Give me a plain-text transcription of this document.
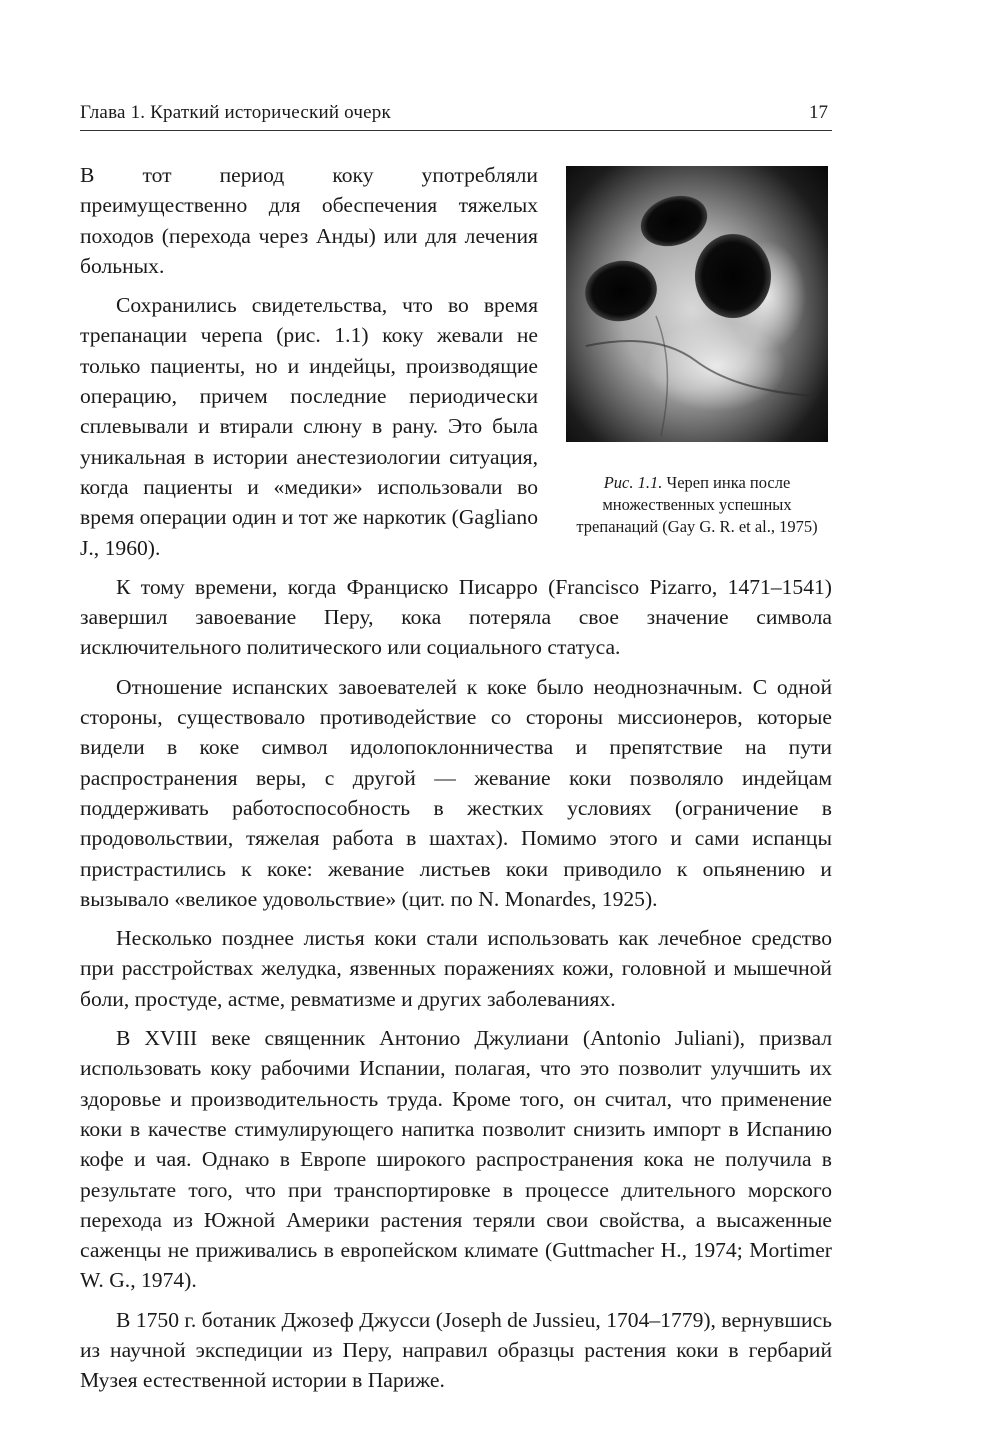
Глава 1. Краткий исторический очерк	17
Рис. 1.1. Череп инка после множественных успешных трепанаций (Gay G. R. et al., 1975)

В тот период коку употребляли преимущественно для обеспечения тяжелых походов (перехода через Анды) или для лечения больных.

Сохранились свидетельства, что во время трепанации черепа (рис. 1.1) коку жевали не только пациенты, но и индейцы, производящие операцию, причем последние периодически сплевывали и втирали слюну в рану. Это была уникальная в истории анестезиологии ситуация, когда пациенты и «медики» использовали во время операции один и тот же наркотик (Gagliano J., 1960).

К тому времени, когда Франциско Писарро (Francisco Pizarro, 1471–1541) завершил завоевание Перу, кока потеряла свое значение символа исключительного политического или социального статуса.

Отношение испанских завоевателей к коке было неоднозначным. С одной стороны, существовало противодействие со стороны миссионеров, которые видели в коке символ идолопоклонничества и препятствие на пути распространения веры, с другой — жевание коки позволяло индейцам поддерживать работоспособность в жестких условиях (ограничение в продовольствии, тяжелая работа в шахтах). Помимо этого и сами испанцы пристрастились к коке: жевание листьев коки приводило к опьянению и вызывало «великое удовольствие» (цит. по N. Monardes, 1925).

Несколько позднее листья коки стали использовать как лечебное средство при расстройствах желудка, язвенных поражениях кожи, головной и мышечной боли, простуде, астме, ревматизме и других заболеваниях.

В XVIII веке священник Антонио Джулиани (Antonio Juliani), призвал использовать коку рабочими Испании, полагая, что это позволит улучшить их здоровье и производительность труда. Кроме того, он считал, что применение коки в качестве стимулирующего напитка позволит снизить импорт в Испанию кофе и чая. Однако в Европе широкого распространения кока не получила в результате того, что при транспортировке в процессе длительного морского перехода из Южной Америки растения теряли свои свойства, а высаженные саженцы не приживались в европейском климате (Guttmacher H., 1974; Mortimer W. G., 1974).

В 1750 г. ботаник Джозеф Джусси (Joseph de Jussieu, 1704–1779), вернувшись из научной экспедиции из Перу, направил образцы растения коки в гербарий Музея естественной истории в Париже.
